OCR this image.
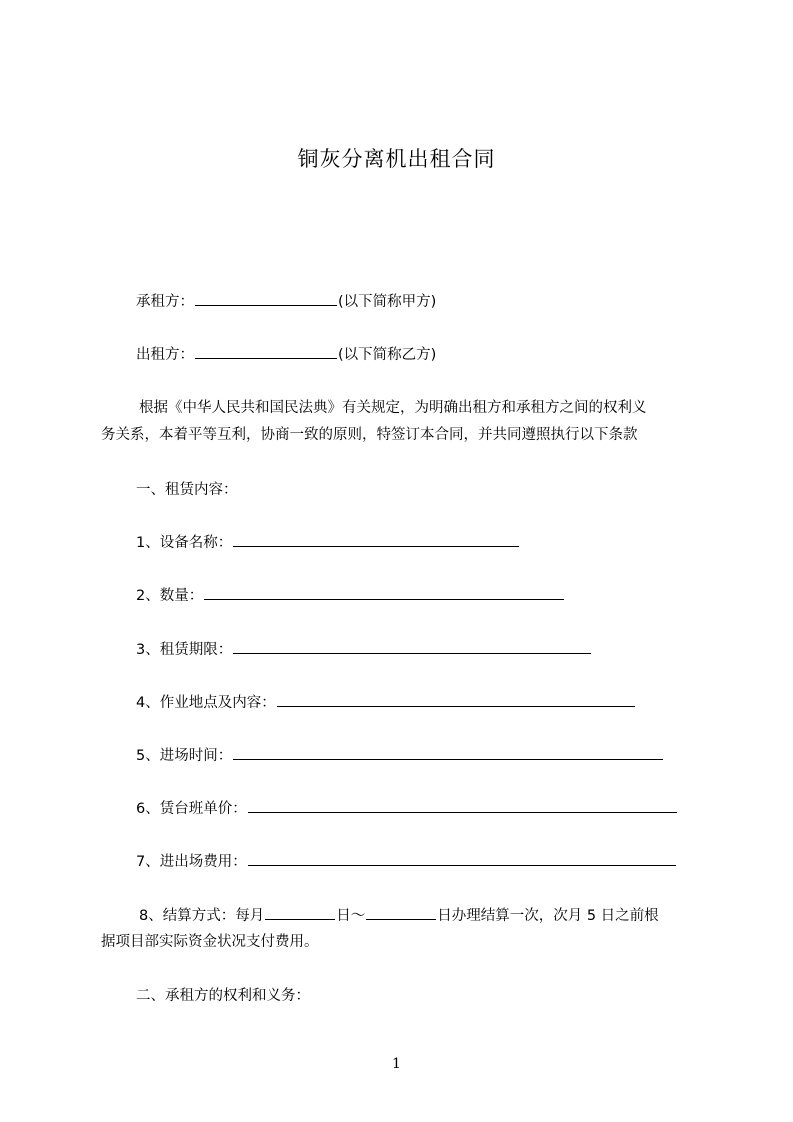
铜灰分离机出租合同
承租方：	(以下简称甲方)
出租方：	(以下简称乙方)
根据《中华人民共和国民法典》有关规定，为明确出租方和承租方之间的权利义
务关系，本着平等互利，协商一致的原则，特签订本合同，并共同遵照执行以下条款
一、租赁内容：
1、设备名称：
2、数量：
3、租赁期限：
4、作业地点及内容：
5、进场时间：
6、赁台班单价：
7、进出场费用：
8、结算方式：每月	日～	日办理结算一次，次月 5 日之前根
据项目部实际资金状况支付费用。
二、承租方的权利和义务：
1
